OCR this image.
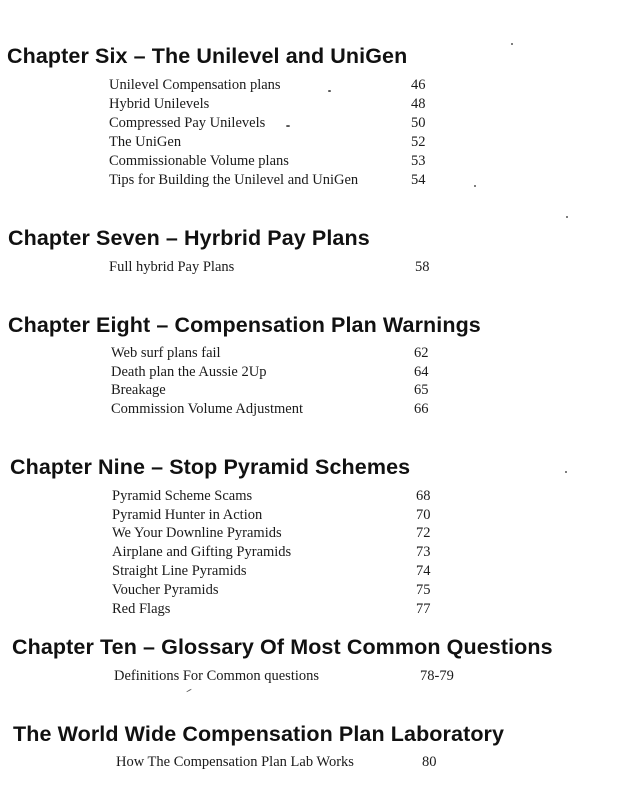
Chapter Six – The Unilevel and UniGen
Unilevel Compensation plans	46
Hybrid Unilevels	48
Compressed Pay Unilevels	50
The UniGen	52
Commissionable Volume plans	53
Tips for Building the Unilevel and UniGen	54
Chapter Seven – Hyrbrid Pay Plans
Full hybrid Pay Plans	58
Chapter Eight – Compensation Plan Warnings
Web surf plans fail	62
Death plan the Aussie 2Up	64
Breakage	65
Commission Volume Adjustment	66
Chapter Nine – Stop Pyramid Schemes
Pyramid Scheme Scams	68
Pyramid Hunter in Action	70
We Your Downline Pyramids	72
Airplane and Gifting Pyramids	73
Straight Line Pyramids	74
Voucher Pyramids	75
Red Flags	77
Chapter Ten – Glossary Of Most Common Questions
Definitions For Common questions	78-79
The World Wide Compensation Plan Laboratory
How The Compensation Plan Lab Works	80
